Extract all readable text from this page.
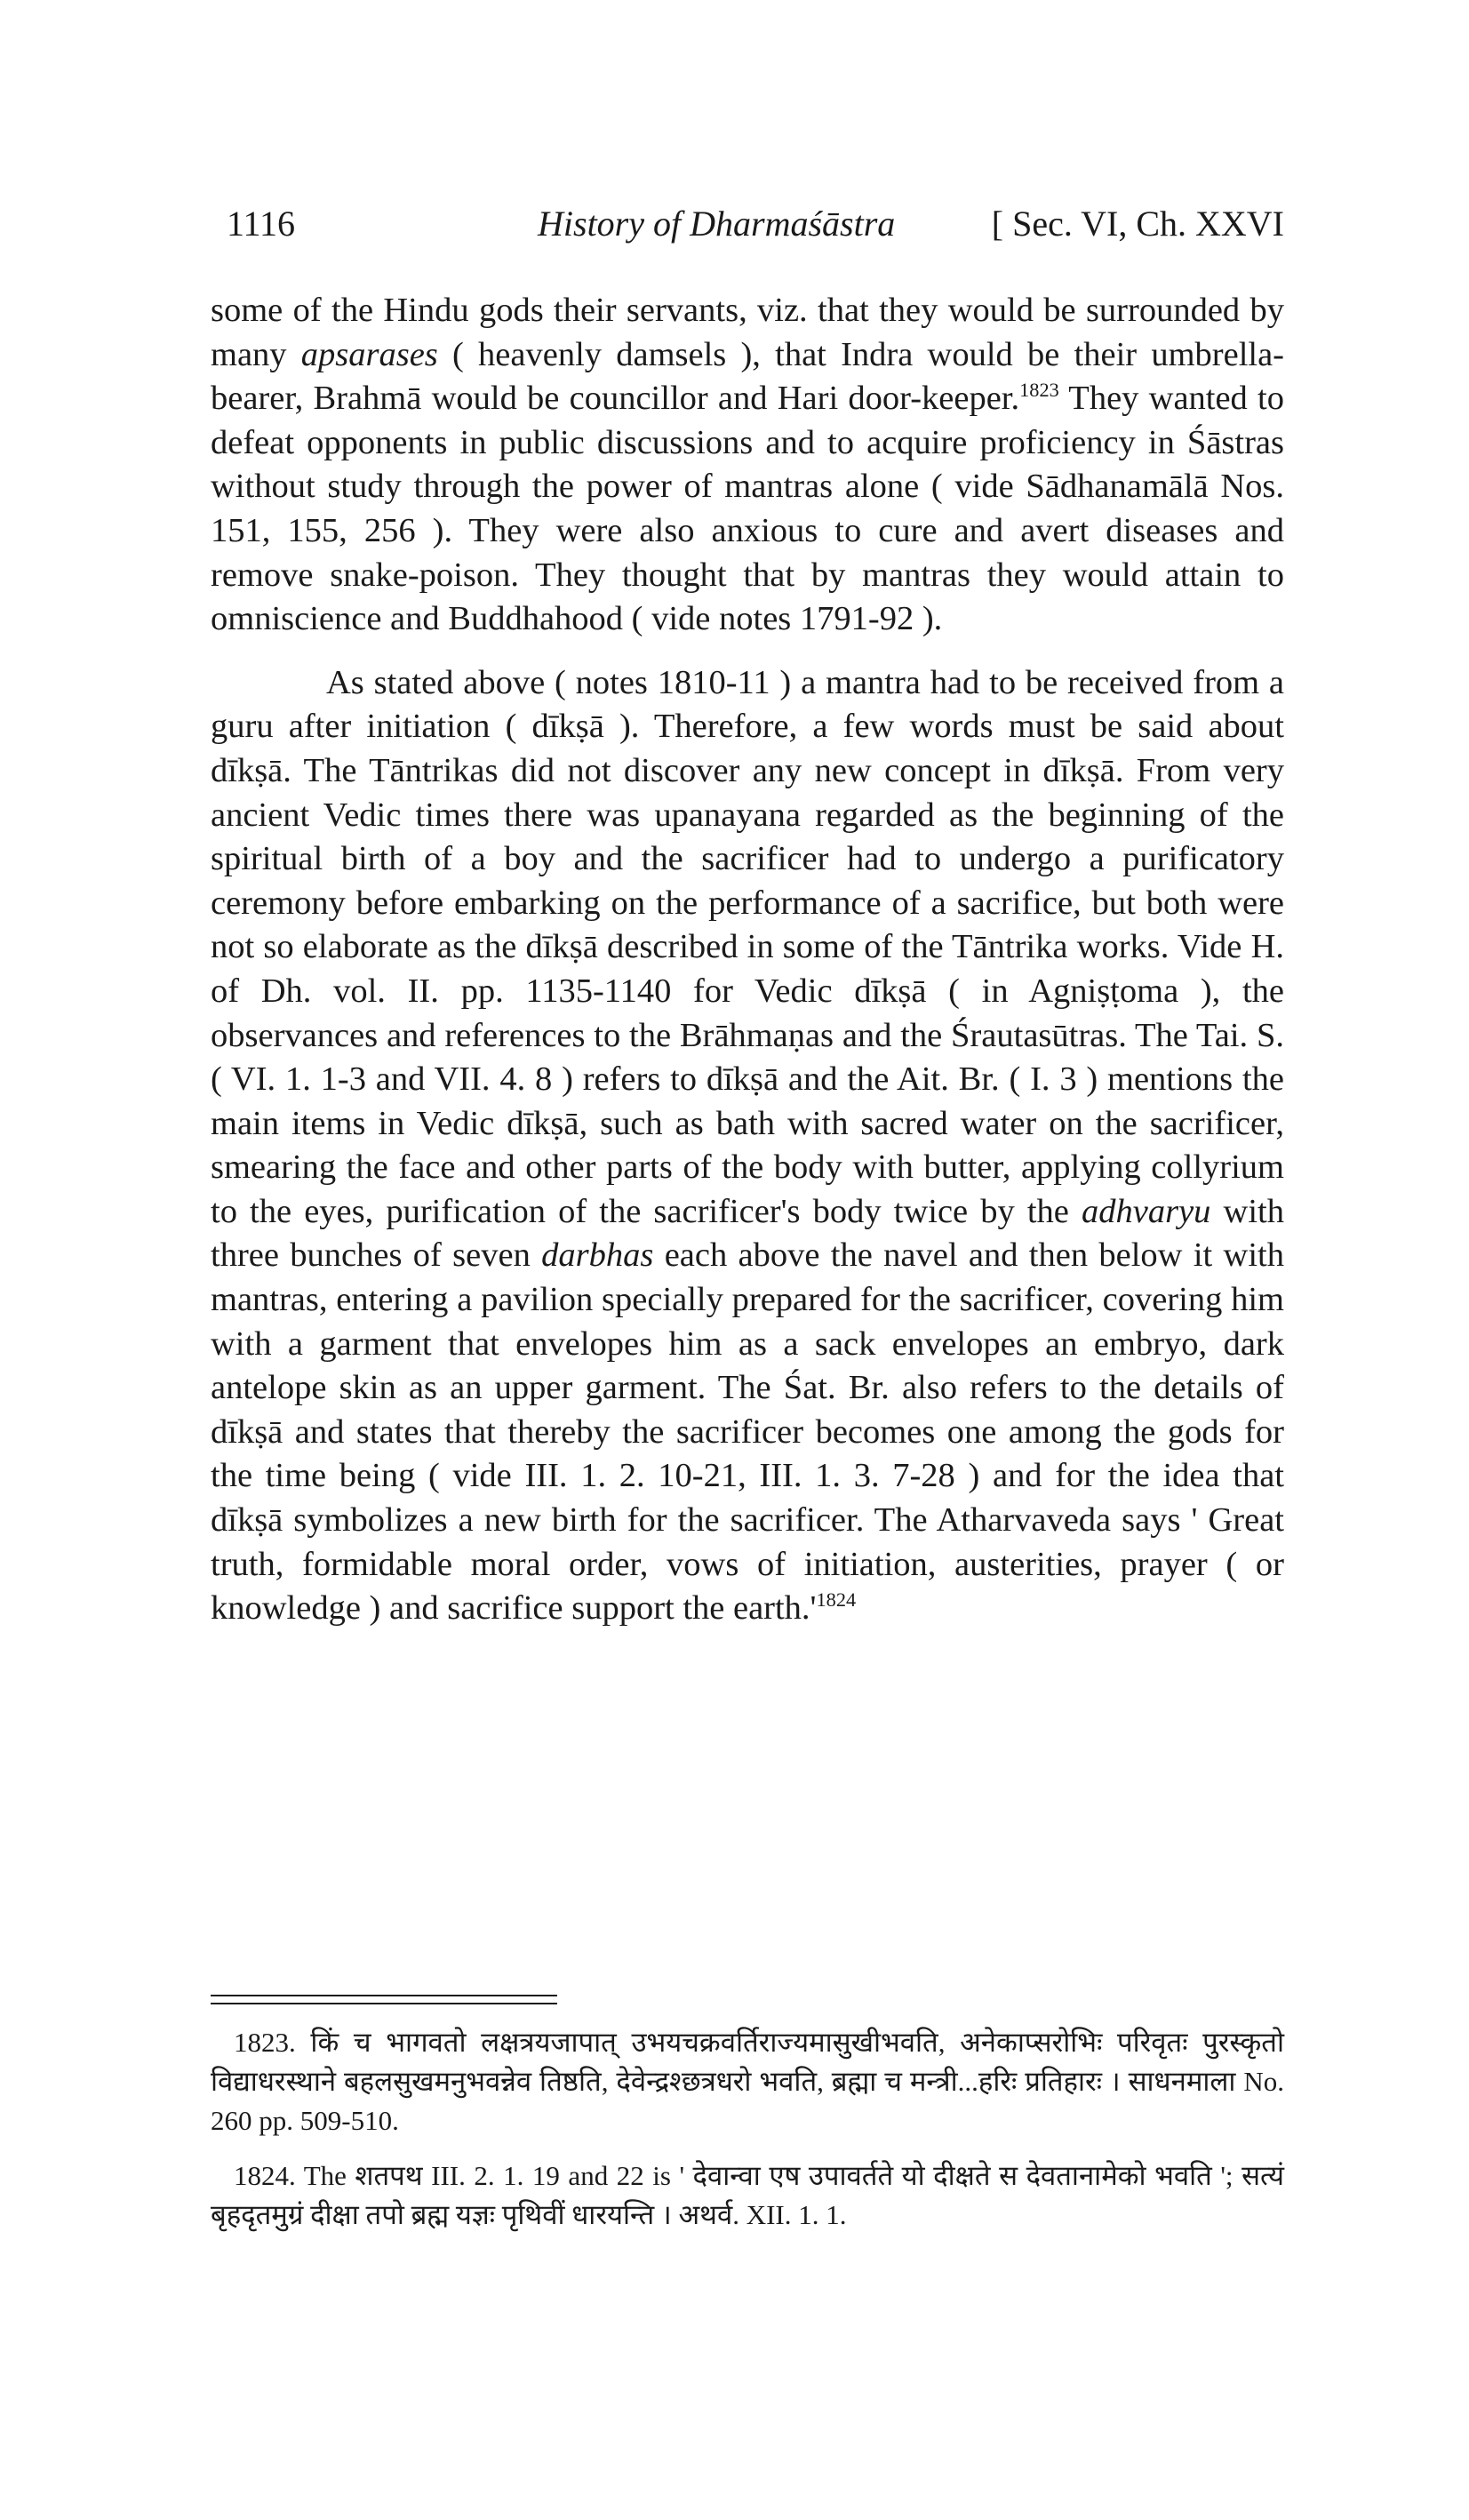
1116	History of Dharmaśāstra	[ Sec. VI, Ch. XXVI

some of the Hindu gods their servants, viz. that they would be surrounded by many apsarases ( heavenly damsels ), that Indra would be their umbrella-bearer, Brahmā would be councillor and Hari door-keeper.$^{1823}$ They wanted to defeat opponents in public discussions and to acquire proficiency in Śāstras without study through the power of mantras alone ( vide Sādhanamālā Nos. 151, 155, 256 ). They were also anxious to cure and avert diseases and remove snake-poison. They thought that by mantras they would attain to omniscience and Buddhahood ( vide notes 1791-92 ).

As stated above ( notes 1810-11 ) a mantra had to be received from a guru after initiation ( dīkṣā ). Therefore, a few words must be said about dīkṣā. The Tāntrikas did not discover any new concept in dīkṣā. From very ancient Vedic times there was upanayana regarded as the beginning of the spiritual birth of a boy and the sacrificer had to undergo a purificatory ceremony before embarking on the performance of a sacrifice, but both were not so elaborate as the dīkṣā described in some of the Tāntrika works. Vide H. of Dh. vol. II. pp. 1135-1140 for Vedic dīkṣā ( in Agniṣṭoma ), the observances and references to the Brāhmaṇas and the Śrautasūtras. The Tai. S. ( VI. 1. 1-3 and VII. 4. 8 ) refers to dīkṣā and the Ait. Br. ( I. 3 ) mentions the main items in Vedic dīkṣā, such as bath with sacred water on the sacrificer, smearing the face and other parts of the body with butter, applying collyrium to the eyes, purification of the sacrificer's body twice by the adhvaryu with three bunches of seven darbhas each above the navel and then below it with mantras, entering a pavilion specially prepared for the sacrificer, covering him with a garment that envelopes him as a sack envelopes an embryo, dark antelope skin as an upper garment. The Śat. Br. also refers to the details of dīkṣā and states that thereby the sacrificer becomes one among the gods for the time being ( vide III. 1. 2. 10-21, III. 1. 3. 7-28 ) and for the idea that dīkṣā symbolizes a new birth for the sacrificer. The Atharvaveda says ' Great truth, formidable moral order, vows of initiation, austerities, prayer ( or knowledge ) and sacrifice support the $earth.'^{1824}$

1823. किं च भागवतो लक्षत्रयजापात् उभयचक्रवर्तिराज्यमासुखीभवति, अनेकाप्सरोभिः परिवृतः पुरस्कृतो विद्याधरस्थाने बहलसुखमनुभवन्नेव तिष्ठति, देवेन्द्रश्छत्रधरो भवति, ब्रह्मा च मन्त्री...हरिः प्रतिहारः । साधनमाला No. 260 pp. 509-510.

1824. The शतपथ III. 2. 1. 19 and 22 is ' देवान्वा एष उपावर्तते यो दीक्षते स देवतानामेको भवति '; सत्यं बृहदृतमुग्रं दीक्षा तपो ब्रह्म यज्ञः पृथिवीं धारयन्ति । अथर्व. XII. 1. 1.
